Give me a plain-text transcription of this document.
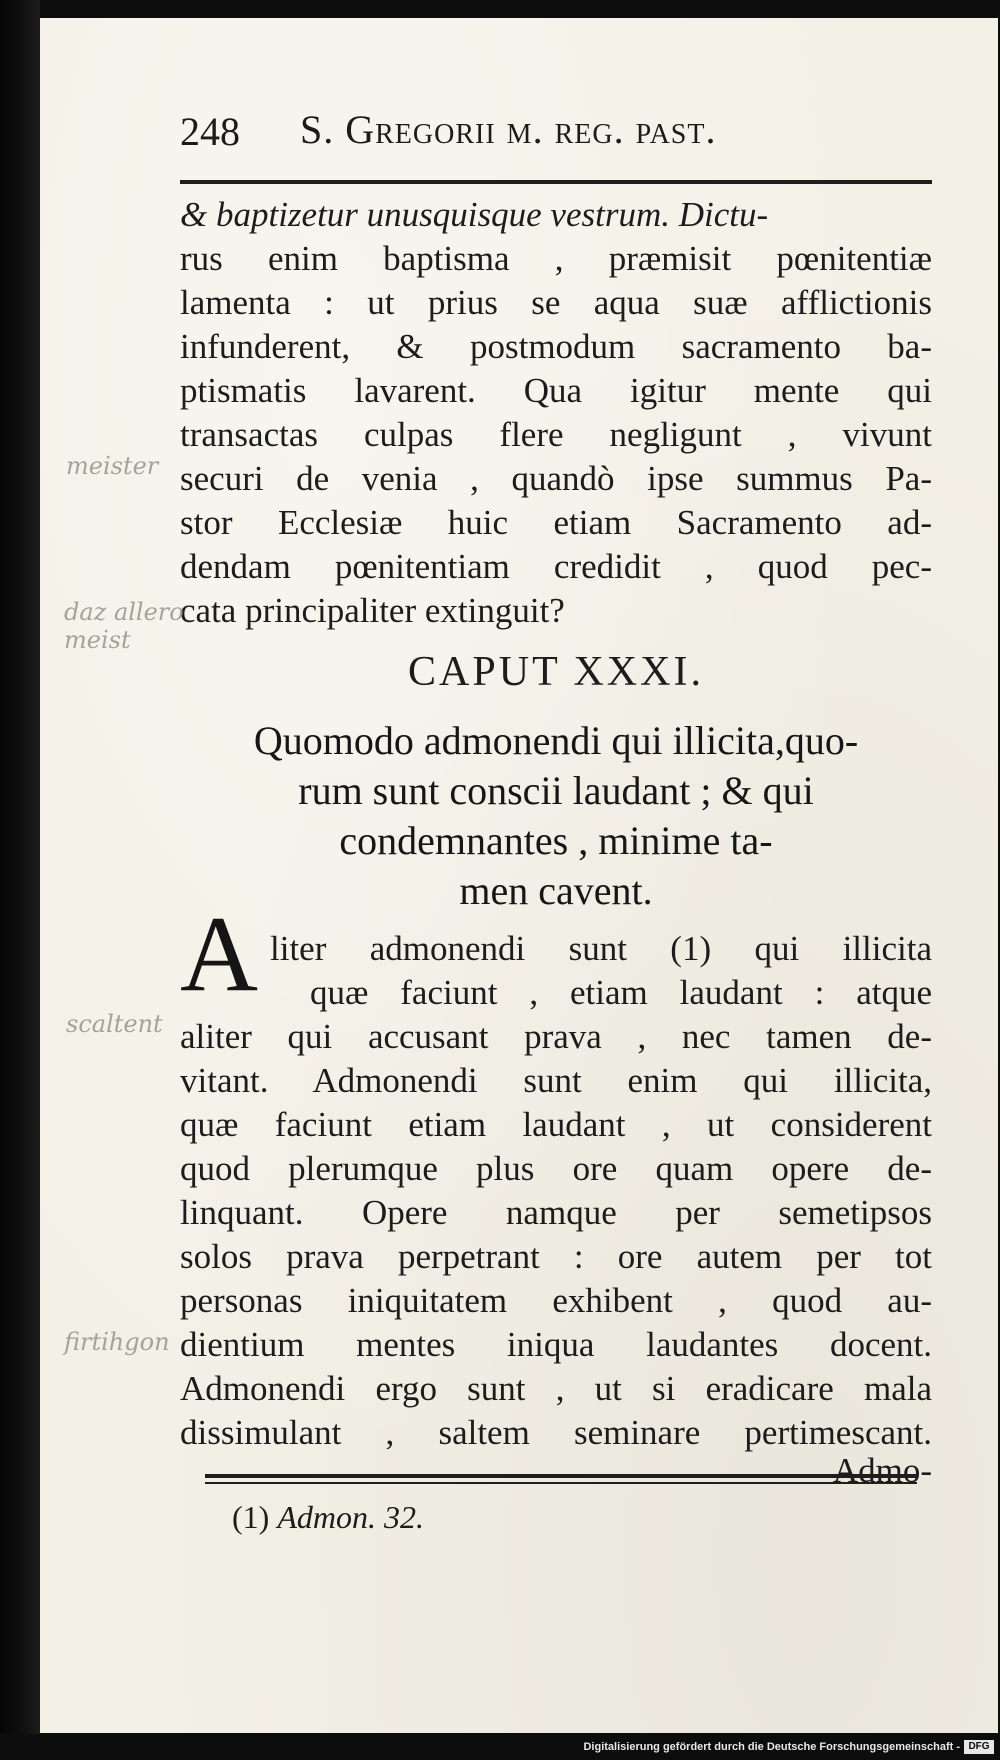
248 S. Gregorii m. reg. past.
& baptizetur unusquisque vestrum. Dictu-
rus enim baptisma , præmisit pœnitentiæ
lamenta : ut prius se aqua suæ afflictionis
infunderent, & postmodum sacramento ba-
ptismatis lavarent. Qua igitur mente qui
transactas culpas flere negligunt , vivunt
securi de venia , quandò ipse summus Pa-
stor Ecclesiæ huic etiam Sacramento ad-
dendam pœnitentiam credidit , quod pec-
cata principaliter extinguit?
CAPUT XXXI.
Quomodo admonendi qui illicita,quo-
rum sunt conscii laudant ; & qui
condemnantes , minime ta-
men cavent.
A liter admonendi sunt (1) qui illicita
quæ faciunt , etiam laudant : atque
aliter qui accusant prava , nec tamen de-
vitant. Admonendi sunt enim qui illicita,
quæ faciunt etiam laudant , ut considerent
quod plerumque plus ore quam opere de-
linquant. Opere namque per semetipsos
solos prava perpetrant : ore autem per tot
personas iniquitatem exhibent , quod au-
dientium mentes iniqua laudantes docent.
Admonendi ergo sunt , ut si eradicare mala
dissimulant , saltem seminare pertimescant.
Admo-
(1) Admon. 32.
meister
daz allero meist
scaltent
firtihgon
Digitalisierung gefördert durch die Deutsche Forschungsgemeinschaft - DFG
